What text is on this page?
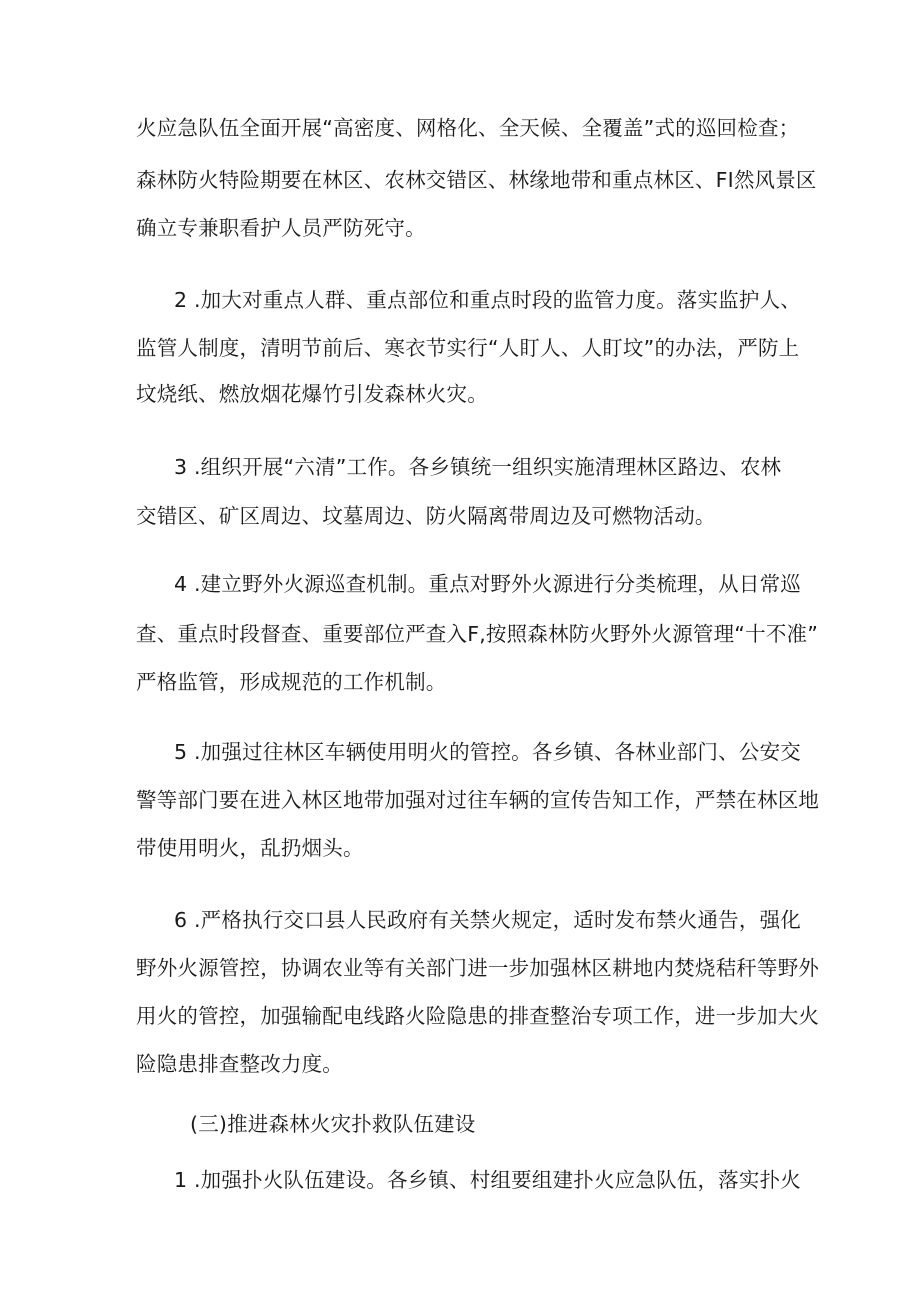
火应急队伍全面开展“高密度、网格化、全天候、全覆盖”式的巡回检查；
森林防火特险期要在林区、农林交错区、林缘地带和重点林区、FI然风景区
确立专兼职看护人员严防死守。
2 .加大对重点人群、重点部位和重点时段的监管力度。落实监护人、
监管人制度，清明节前后、寒衣节实行“人盯人、人盯坟”的办法，严防上
坟烧纸、燃放烟花爆竹引发森林火灾。
3 .组织开展“六清”工作。各乡镇统一组织实施清理林区路边、农林
交错区、矿区周边、坟墓周边、防火隔离带周边及可燃物活动。
4 .建立野外火源巡查机制。重点对野外火源进行分类梳理，从日常巡
查、重点时段督查、重要部位严查入F,按照森林防火野外火源管理“十不准”
严格监管，形成规范的工作机制。
5 .加强过往林区车辆使用明火的管控。各乡镇、各林业部门、公安交
警等部门要在进入林区地带加强对过往车辆的宣传告知工作，严禁在林区地
带使用明火，乱扔烟头。
6 .严格执行交口县人民政府有关禁火规定，适时发布禁火通告，强化
野外火源管控，协调农业等有关部门进一步加强林区耕地内焚烧秸秆等野外
用火的管控，加强输配电线路火险隐患的排查整治专项工作，进一步加大火
险隐患排查整改力度。
(三)推进森林火灾扑救队伍建设
1 .加强扑火队伍建设。各乡镇、村组要组建扑火应急队伍，落实扑火
